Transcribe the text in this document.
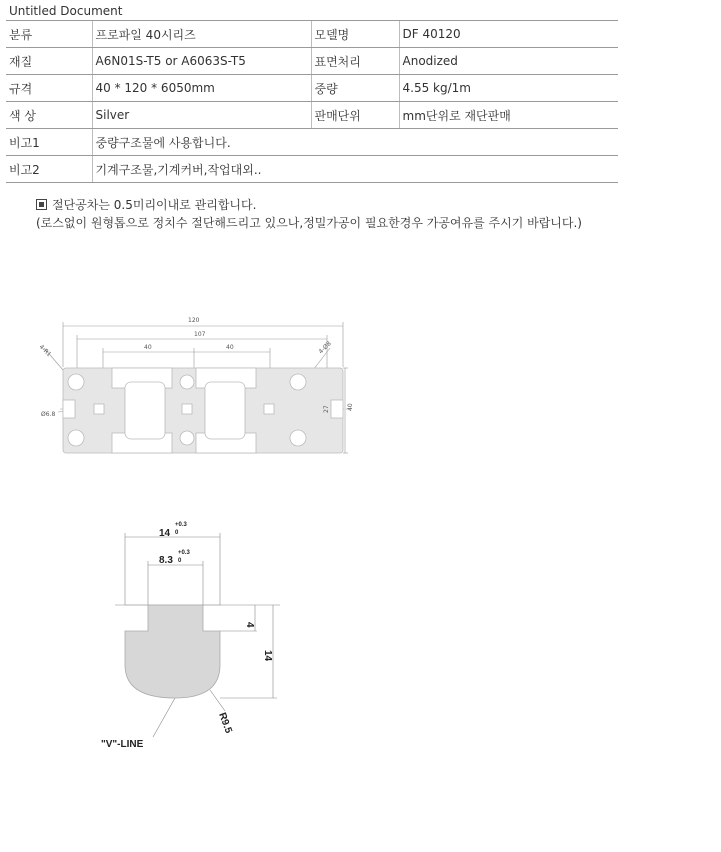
Untitled Document
분류	프로파일 40시리즈	모델명	DF 40120
재질	A6N01S-T5 or A6063S-T5	표면처리	Anodized
규격	40 * 120 * 6050mm	중량	4.55 kg/1m
색 상	Silver	판매단위	mm단위로 재단판매
비고1	중량구조물에 사용합니다.		
비고2	기계구조물,기계커버,작업대외..		
절단공차는 0.5미리이내로 관리합니다.
(로스없이 원형톱으로 정치수 절단해드리고 있으나,정밀가공이 필요한경우 가공여유를 주시기 바랍니다.)
120
107
40	40
40
27
4-R1	4-Ø8
Ø6.8
14
+0.3
0
8.3
+0.3
0
4
14
R9.5
"V"-LINE
